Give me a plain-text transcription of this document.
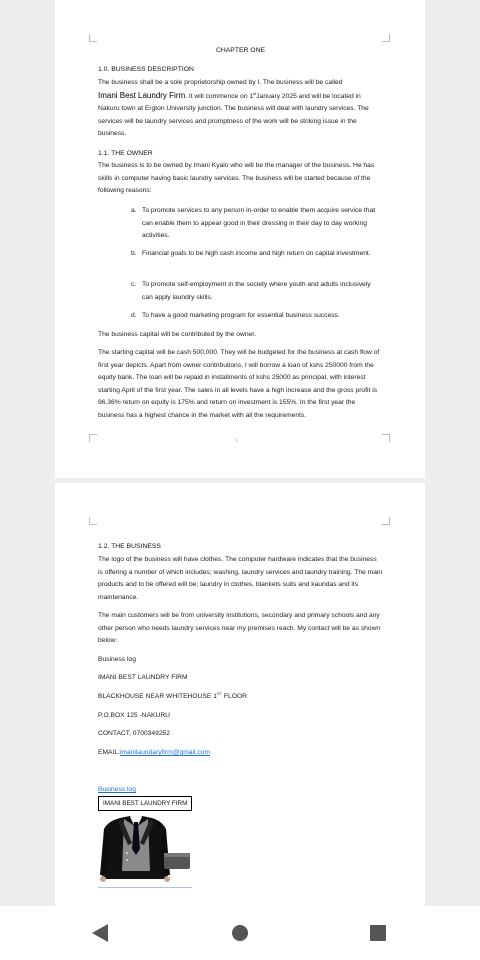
CHAPTER ONE

1.0. BUSINESS DESCRIPTION

The business shall be a sole proprietorship owned by I. The business will be called
Imani Best Laundry Firm. It will commence on 1stJanuary 2025 and will be located in Nakuru town at Ergton University junction. The business will deal with laundry services. The services will be laundry services and promptness of the work will be striking issue in the business.

1.1. THE OWNER

The business is to be owned by Imani Kyalo who will be the manager of the business. He has skills in computer having basic laundry services. The business will be started because of the following reasons:

a. To promote services to any person in-order to enable them acquire service that can enable them to appear good in their dressing in their day to day working activities.
b. Financial goals to be high cash income and high return on capital investment.
c. To promote self-employment in the society where youth and adults inclusively can apply laundry skills.
d. To have a good marketing program for essential business success.

The business capital will be contributed by the owner.

The starting capital will be cash 500,000. They will be budgeted for the business at cash flow of first year depicts. Apart from owner contributions, I will borrow a loan of kshs 250000 from the equity bank. The loan will be repaid in installments of kshs 25000 as principal, with interest starting April of the first year. The sales in all levels have a high increase and the gross profit is 96.36% return on equity is 175% and return on investment is 155%. In the first year the business has a highest chance in the market with all the requirements.

1

1.2. THE BUSINESS

The logo of the business will have clothes. The computer hardware indicates that the business is offering a number of which includes; washing, laundry services and laundry training. The main products and to be offered will be; laundry in clothes, blankets suits and kaundas and its maintenance.

The main customers will be from university institutions, secondary and primary schools and any other person who needs laundry services near my premises reach. My contact will be as shown below:

Business log

IMANI BEST LAUNDRY FIRM

BLACKHOUSE NEAR WHITEHOUSE 1ST FLOOR

P.O.BOX 125 -NAKURU

CONTACT; 0700349252

EMAIL:imanilaundaryfirm@gmail.com

Business log

IMANI BEST LAUNDRY FIRM
